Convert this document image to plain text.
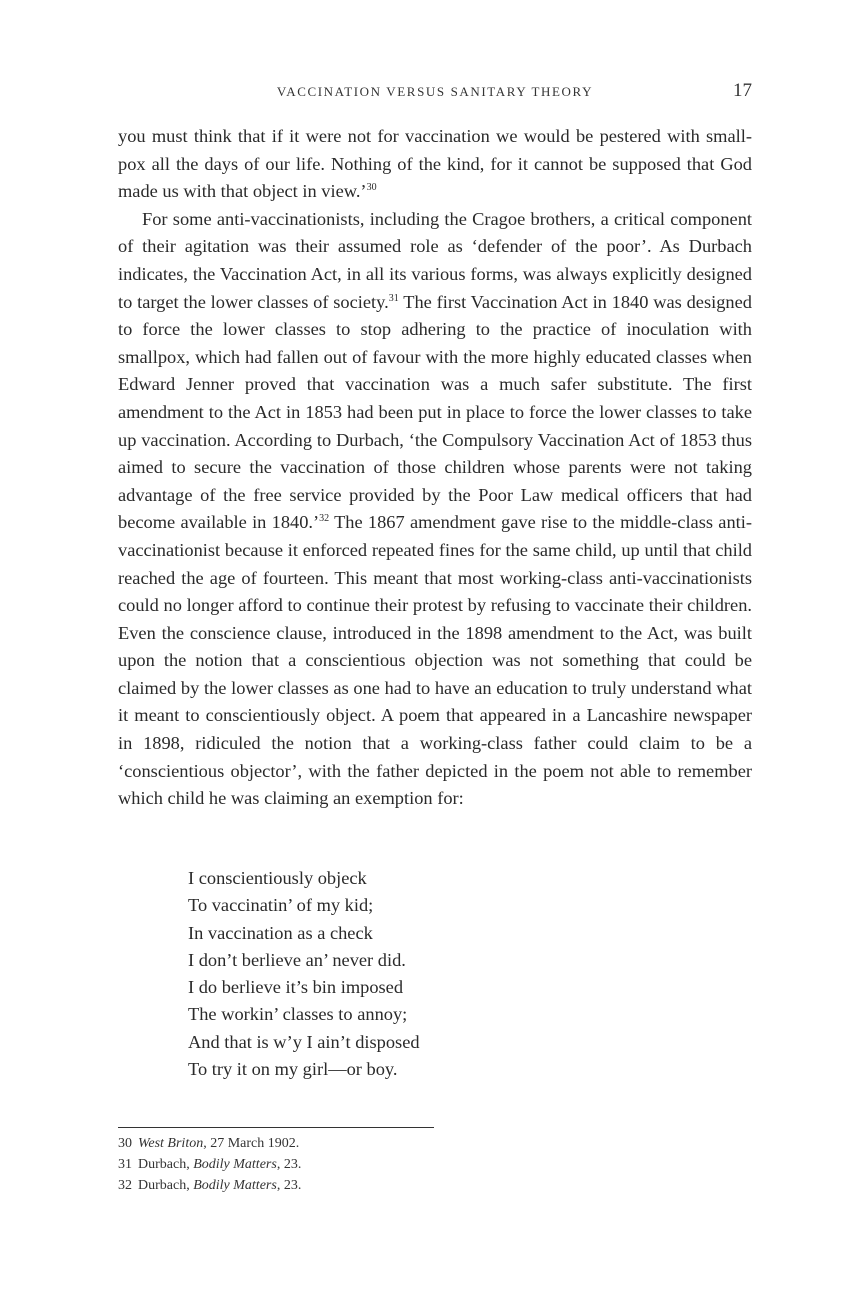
VACCINATION VERSUS SANITARY THEORY	17

you must think that if it were not for vaccination we would be pestered with small-pox all the days of our life. Nothing of the kind, for it cannot be supposed that God made us with that object in view.’$^{30}$

For some anti-vaccinationists, including the Cragoe brothers, a critical component of their agitation was their assumed role as ‘defender of the poor’. As Durbach indicates, the Vaccination Act, in all its various forms, was always explicitly designed to target the lower classes of society.$^{31}$ The first Vaccination Act in 1840 was designed to force the lower classes to stop adhering to the practice of inoculation with smallpox, which had fallen out of favour with the more highly educated classes when Edward Jenner proved that vaccination was a much safer substitute. The first amendment to the Act in 1853 had been put in place to force the lower classes to take up vaccination. According to Durbach, ‘the Compulsory Vaccination Act of 1853 thus aimed to secure the vaccination of those children whose parents were not taking advantage of the free service provided by the Poor Law medical officers that had become available in 1840.’$^{32}$ The 1867 amendment gave rise to the middle-class anti-vaccinationist because it enforced repeated fines for the same child, up until that child reached the age of fourteen. This meant that most working-class anti-vaccinationists could no longer afford to continue their protest by refusing to vaccinate their children. Even the conscience clause, introduced in the 1898 amendment to the Act, was built upon the notion that a conscientious objection was not something that could be claimed by the lower classes as one had to have an education to truly understand what it meant to conscientiously object. A poem that appeared in a Lancashire newspaper in 1898, ridiculed the notion that a working-class father could claim to be a ‘conscientious objector’, with the father depicted in the poem not able to remember which child he was claiming an exemption for:

I conscientiously objeck
To vaccinatin’ of my kid;
In vaccination as a check
I don’t berlieve an’ never did.
I do berlieve it’s bin imposed
The workin’ classes to annoy;
And that is w’y I ain’t disposed
To try it on my girl—or boy.
30 West Briton, 27 March 1902.
31 Durbach, Bodily Matters, 23.
32 Durbach, Bodily Matters, 23.
